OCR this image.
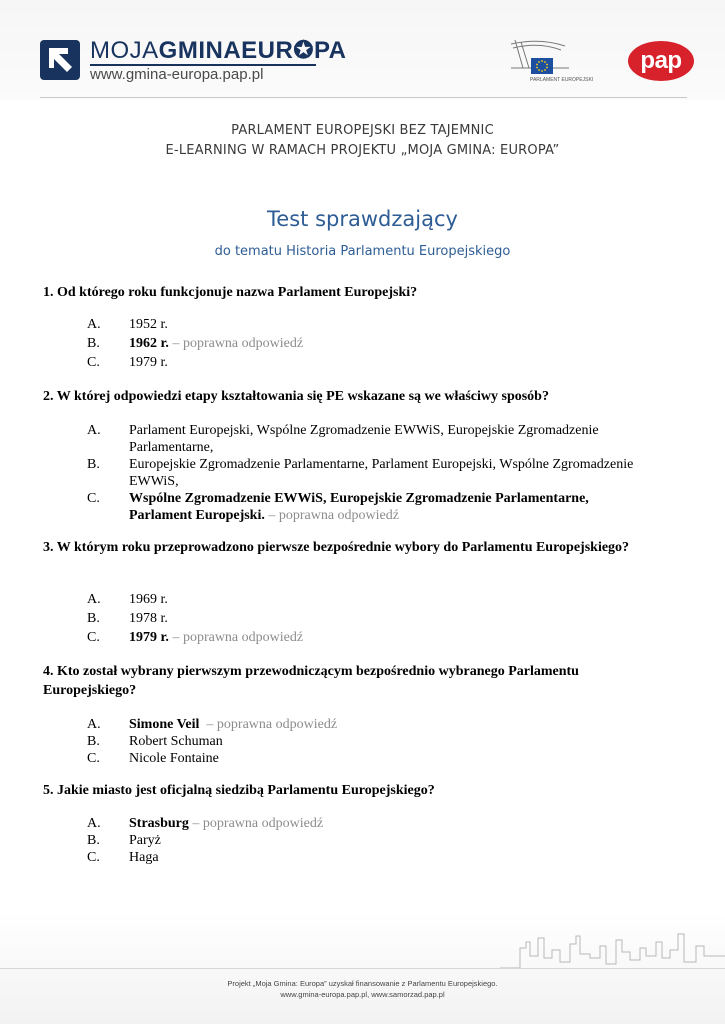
MOJAGMINAEUR✪PA
www.gmina-europa.pap.pl	PARLAMENT EUROPEJSKI
pap
PARLAMENT EUROPEJSKI BEZ TAJEMNIC
E-LEARNING W RAMACH PROJEKTU „MOJA GMINA: EUROPA”
Test sprawdzający
do tematu Historia Parlamentu Europejskiego
1. Od którego roku funkcjonuje nazwa Parlament Europejski?
A. 1952 r.
B. 1962 r. – poprawna odpowiedź
C. 1979 r.
2. W której odpowiedzi etapy kształtowania się PE wskazane są we właściwy sposób?
A. Parlament Europejski, Wspólne Zgromadzenie EWWiS, Europejskie Zgromadzenie Parlamentarne,
B. Europejskie Zgromadzenie Parlamentarne, Parlament Europejski, Wspólne Zgromadzenie EWWiS,
C. Wspólne Zgromadzenie EWWiS, Europejskie Zgromadzenie Parlamentarne, Parlament Europejski. – poprawna odpowiedź
3. W którym roku przeprowadzono pierwsze bezpośrednie wybory do Parlamentu Europejskiego?
A. 1969 r.
B. 1978 r.
C. 1979 r. – poprawna odpowiedź
4. Kto został wybrany pierwszym przewodniczącym bezpośrednio wybranego Parlamentu Europejskiego?
A. Simone Veil – poprawna odpowiedź
B. Robert Schuman
C. Nicole Fontaine
5. Jakie miasto jest oficjalną siedzibą Parlamentu Europejskiego?
A. Strasburg – poprawna odpowiedź
B. Paryż
C. Haga
Projekt „Moja Gmina: Europa” uzyskał finansowanie z Parlamentu Europejskiego.
www.gmina-europa.pap.pl, www.samorzad.pap.pl
